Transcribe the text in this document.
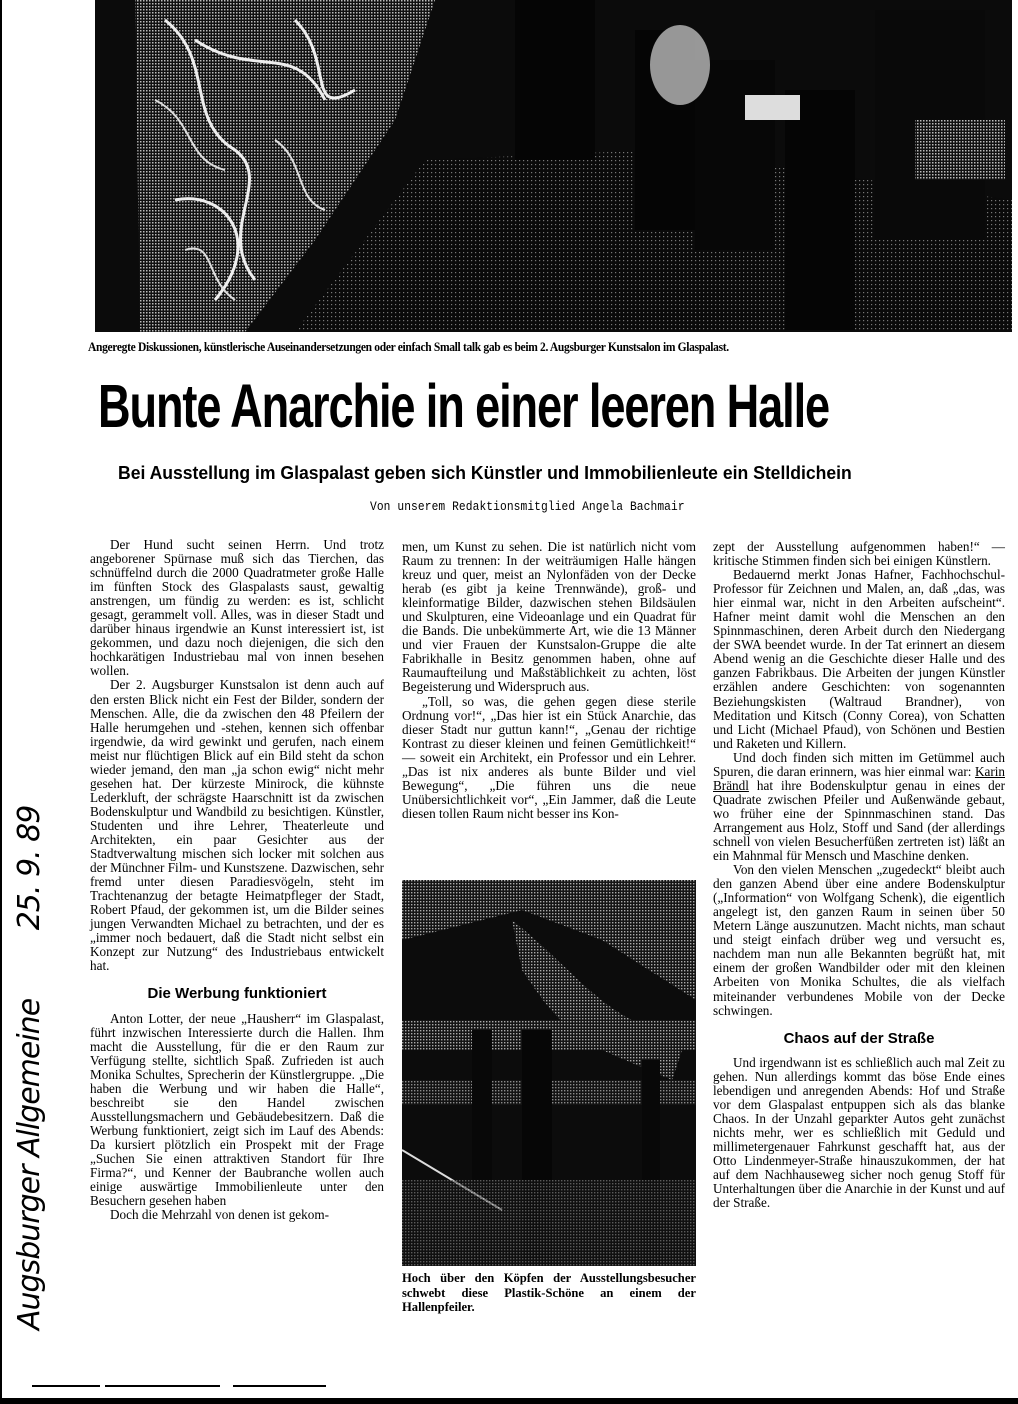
Angeregte Diskussionen, künstlerische Auseinandersetzungen oder einfach Small talk gab es beim 2. Augsburger Kunstsalon im Glaspalast.
Bunte Anarchie in einer leeren Halle
Bei Ausstellung im Glaspalast geben sich Künstler und Immobilienleute ein Stelldichein
Von unserem Redaktionsmitglied Angela Bachmair

Der Hund sucht seinen Herrn. Und trotz angeborener Spürnase muß sich das Tierchen, das schnüffelnd durch die 2000 Quadratmeter große Halle im fünften Stock des Glaspalasts saust, gewaltig anstrengen, um fündig zu werden: es ist, schlicht gesagt, gerammelt voll. Alles, was in dieser Stadt und darüber hinaus irgendwie an Kunst interessiert ist, ist gekommen, und dazu noch diejenigen, die sich den hochkarätigen Industriebau mal von innen besehen wollen.

Der 2. Augsburger Kunstsalon ist denn auch auf den ersten Blick nicht ein Fest der Bilder, sondern der Menschen. Alle, die da zwischen den 48 Pfeilern der Halle herumgehen und -stehen, kennen sich offenbar irgendwie, da wird gewinkt und gerufen, nach einem meist nur flüchtigen Blick auf ein Bild steht da schon wieder jemand, den man „ja schon ewig“ nicht mehr gesehen hat. Der kürzeste Minirock, die kühnste Lederkluft, der schrägste Haarschnitt ist da zwischen Bodenskulptur und Wandbild zu besichtigen. Künstler, Studenten und ihre Lehrer, Theaterleute und Architekten, ein paar Gesichter aus der Stadtverwaltung mischen sich locker mit solchen aus der Münchner Film- und Kunstszene. Dazwischen, sehr fremd unter diesen Paradiesvögeln, steht im Trachtenanzug der betagte Heimatpfleger der Stadt, Robert Pfaud, der gekommen ist, um die Bilder seines jungen Verwandten Michael zu betrachten, und der es „immer noch bedauert, daß die Stadt nicht selbst ein Konzept zur Nutzung“ des Industriebaus entwickelt hat.

Die Werbung funktioniert

Anton Lotter, der neue „Hausherr“ im Glaspalast, führt inzwischen Interessierte durch die Hallen. Ihm macht die Ausstellung, für die er den Raum zur Verfügung stellte, sichtlich Spaß. Zufrieden ist auch Monika Schultes, Sprecherin der Künstlergruppe. „Die haben die Werbung und wir haben die Halle“, beschreibt sie den Handel zwischen Ausstellungsmachern und Gebäudebesitzern. Daß die Werbung funktioniert, zeigt sich im Lauf des Abends: Da kursiert plötzlich ein Prospekt mit der Frage „Suchen Sie einen attraktiven Standort für Ihre Firma?“, und Kenner der Baubranche wollen auch einige auswärtige Immobilienleute unter den Besuchern gesehen haben

Doch die Mehrzahl von denen ist gekom-

men, um Kunst zu sehen. Die ist natürlich nicht vom Raum zu trennen: In der weiträumigen Halle hängen kreuz und quer, meist an Nylonfäden von der Decke herab (es gibt ja keine Trennwände), groß- und kleinformatige Bilder, dazwischen stehen Bildsäulen und Skulpturen, eine Videoanlage und ein Quadrat für die Bands. Die unbekümmerte Art, wie die 13 Männer und vier Frauen der Kunstsalon-Gruppe die alte Fabrikhalle in Besitz genommen haben, ohne auf Raumaufteilung und Maßstäblichkeit zu achten, löst Begeisterung und Widerspruch aus.

„Toll, so was, die gehen gegen diese sterile Ordnung vor!“, „Das hier ist ein Stück Anarchie, das dieser Stadt nur guttun kann!“, „Genau der richtige Kontrast zu dieser kleinen und feinen Gemütlichkeit!“ — soweit ein Architekt, ein Professor und ein Lehrer. „Das ist nix anderes als bunte Bilder und viel Bewegung“, „Die führen uns die neue Unübersichtlichkeit vor“, „Ein Jammer, daß die Leute diesen tollen Raum nicht besser ins Kon-

Hoch über den Köpfen der Ausstellungsbesucher schwebt diese Plastik-Schöne an einem der Hallenpfeiler.

zept der Ausstellung aufgenommen haben!“ — kritische Stimmen finden sich bei einigen Künstlern.

Bedauernd merkt Jonas Hafner, Fachhochschul-Professor für Zeichnen und Malen, an, daß „das, was hier einmal war, nicht in den Arbeiten aufscheint“. Hafner meint damit wohl die Menschen an den Spinnmaschinen, deren Arbeit durch den Niedergang der SWA beendet wurde. In der Tat erinnert an diesem Abend wenig an die Geschichte dieser Halle und des ganzen Fabrikbaus. Die Arbeiten der jungen Künstler erzählen andere Geschichten: von sogenannten Beziehungskisten (Waltraud Brandner), von Meditation und Kitsch (Conny Corea), von Schatten und Licht (Michael Pfaud), von Schönen und Bestien und Raketen und Killern.

Und doch finden sich mitten im Getümmel auch Spuren, die daran erinnern, was hier einmal war: Karin Brändl hat ihre Bodenskulptur genau in eines der Quadrate zwischen Pfeiler und Außenwände gebaut, wo früher eine der Spinnmaschinen stand. Das Arrangement aus Holz, Stoff und Sand (der allerdings schnell von vielen Besucherfüßen zertreten ist) läßt an ein Mahnmal für Mensch und Maschine denken.

Von den vielen Menschen „zugedeckt“ bleibt auch den ganzen Abend über eine andere Bodenskulptur („Information“ von Wolfgang Schenk), die eigentlich angelegt ist, den ganzen Raum in seinen über 50 Metern Länge auszunutzen. Macht nichts, man schaut und steigt einfach drüber weg und versucht es, nachdem man nun alle Bekannten begrüßt hat, mit einem der großen Wandbilder oder mit den kleinen Arbeiten von Monika Schultes, die als vielfach miteinander verbundenes Mobile von der Decke schwingen.

Chaos auf der Straße

Und irgendwann ist es schließlich auch mal Zeit zu gehen. Nun allerdings kommt das böse Ende eines lebendigen und anregenden Abends: Hof und Straße vor dem Glaspalast entpuppen sich als das blanke Chaos. In der Unzahl geparkter Autos geht zunächst nichts mehr, wer es schließlich mit Geduld und millimetergenauer Fahrkunst geschafft hat, aus der Otto Lindenmeyer-Straße hinauszukommen, der hat auf dem Nachhauseweg sicher noch genug Stoff für Unterhaltungen über die Anarchie in der Kunst und auf der Straße.

Augsburger Allgemeine 25. 9. 89
